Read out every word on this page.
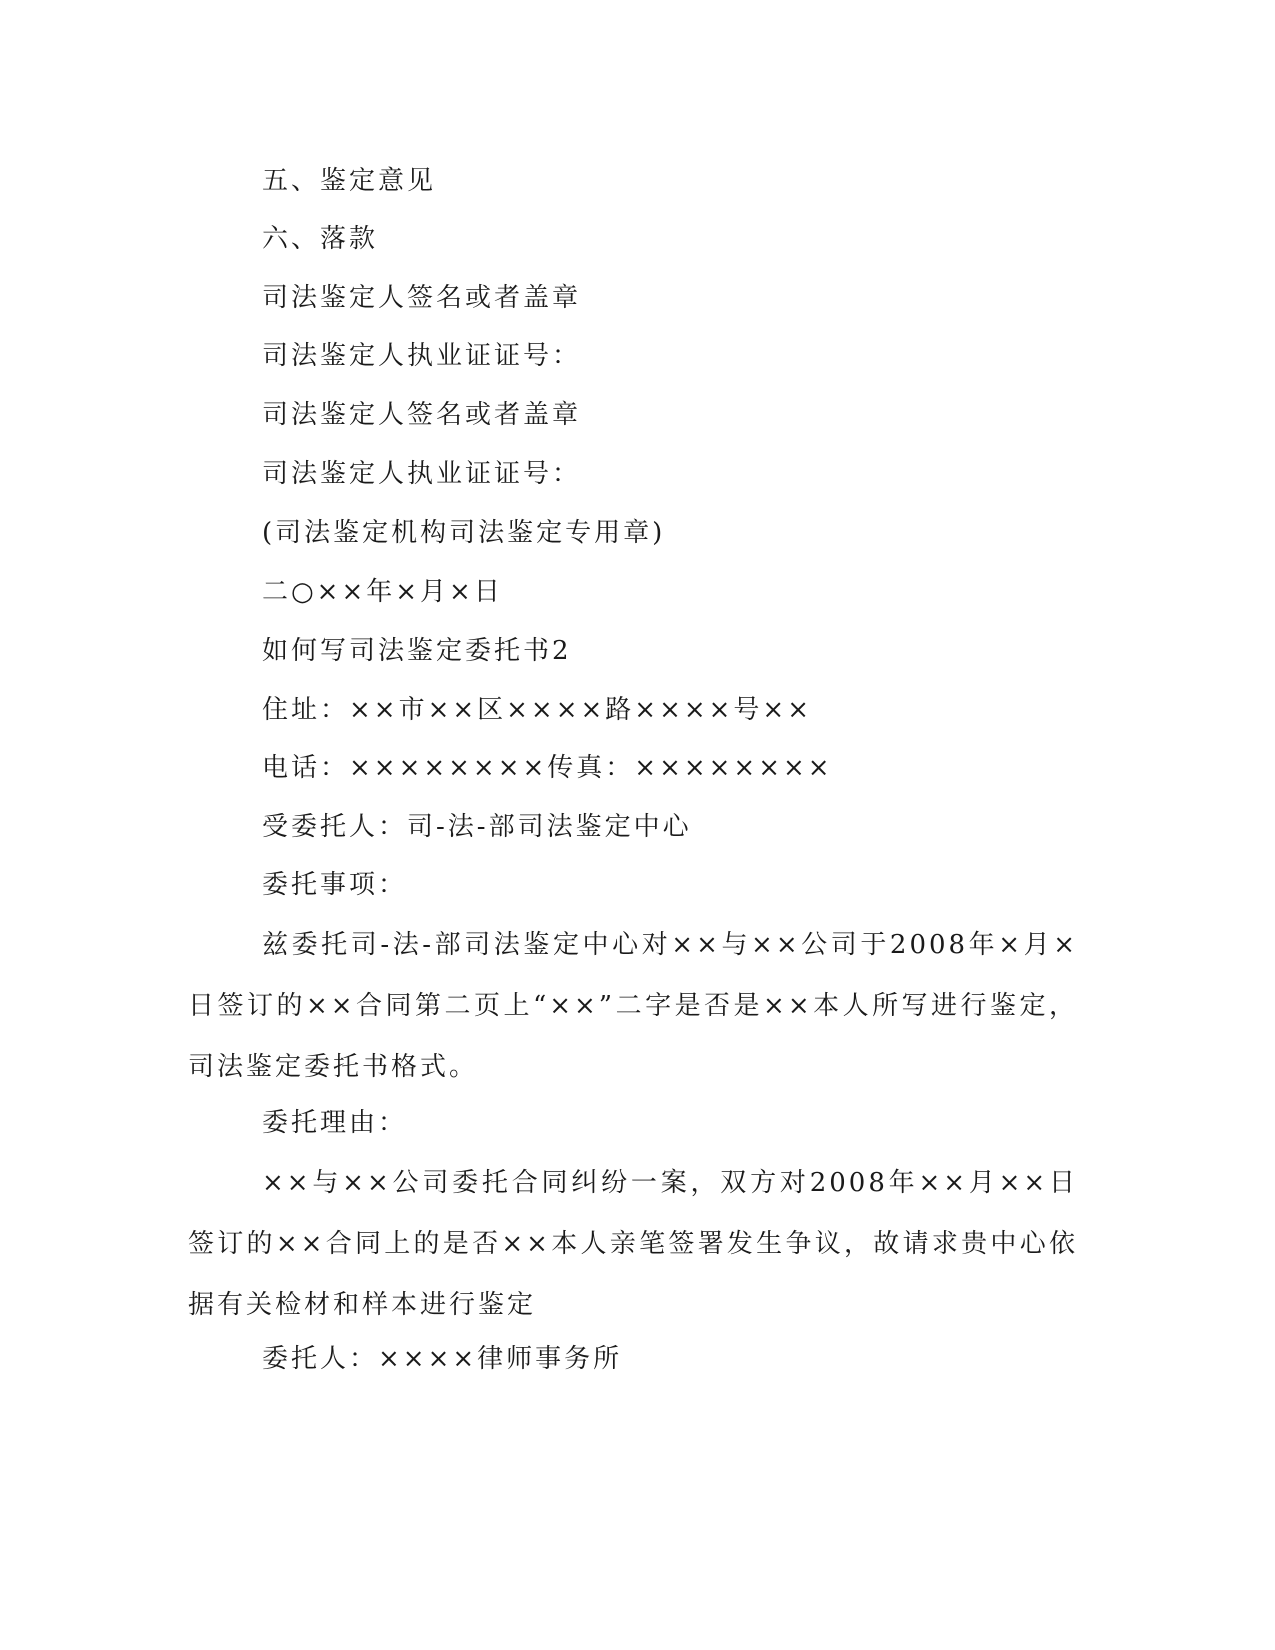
五、鉴定意见

六、落款

司法鉴定人签名或者盖章

司法鉴定人执业证证号：

司法鉴定人签名或者盖章

司法鉴定人执业证证号：

(司法鉴定机构司法鉴定专用章)

二○××年×月×日

如何写司法鉴定委托书2

住址：××市××区××××路××××号××

电话：××××××××传真：××××××××

受委托人：司-法-部司法鉴定中心

委托事项：

兹委托司-法-部司法鉴定中心对××与××公司于2008年×月×日签订的××合同第二页上“××”二字是否是××本人所写进行鉴定，司法鉴定委托书格式。

委托理由：

××与××公司委托合同纠纷一案，双方对2008年××月××日签订的××合同上的是否××本人亲笔签署发生争议，故请求贵中心依据有关检材和样本进行鉴定

委托人：××××律师事务所
